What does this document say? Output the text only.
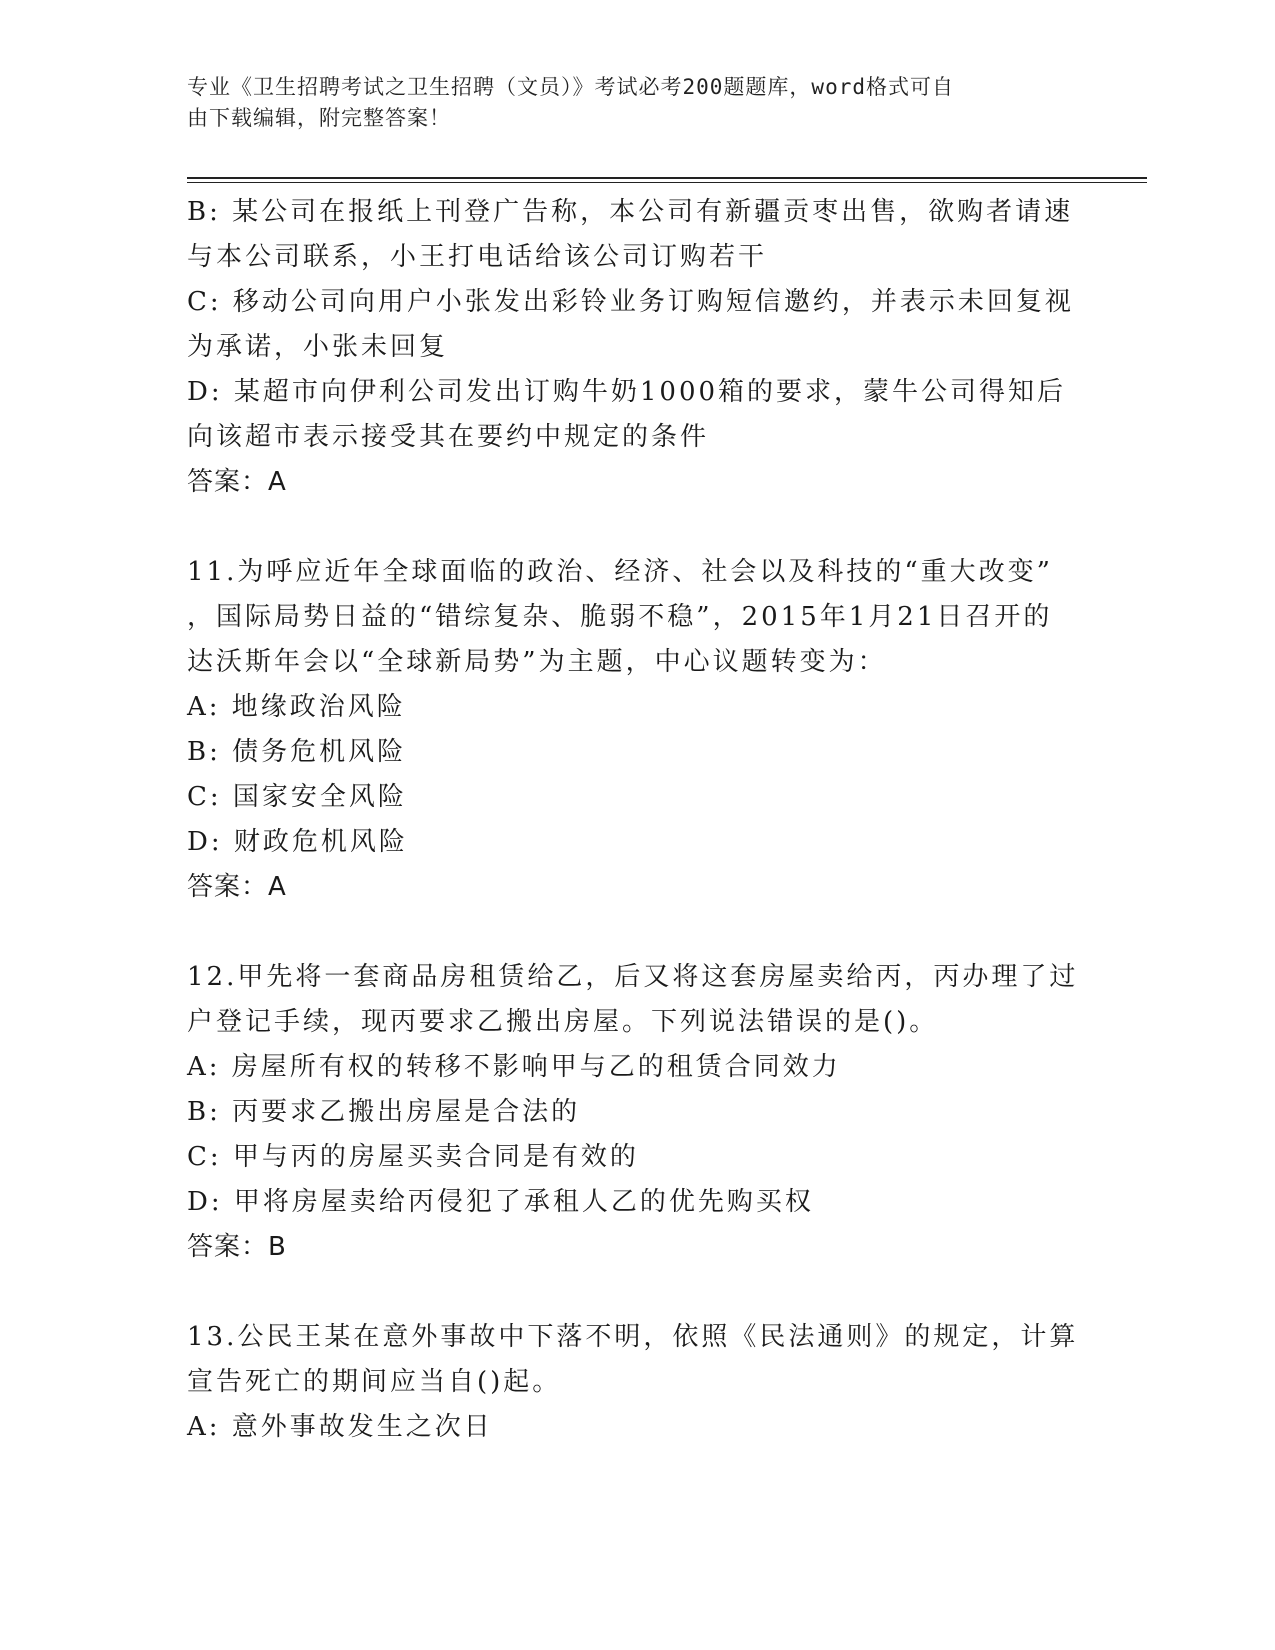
专业《卫生招聘考试之卫生招聘（文员）》考试必考200题题库，word格式可自
由下载编辑，附完整答案！
B: 某公司在报纸上刊登广告称，本公司有新疆贡枣出售，欲购者请速
与本公司联系，小王打电话给该公司订购若干
C: 移动公司向用户小张发出彩铃业务订购短信邀约，并表示未回复视
为承诺，小张未回复
D: 某超市向伊利公司发出订购牛奶1000箱的要求，蒙牛公司得知后
向该超市表示接受其在要约中规定的条件
答案：A
11.为呼应近年全球面临的政治、经济、社会以及科技的“重大改变”
，国际局势日益的“错综复杂、脆弱不稳”，2015年1月21日召开的
达沃斯年会以“全球新局势”为主题，中心议题转变为：
A: 地缘政治风险
B: 债务危机风险
C: 国家安全风险
D: 财政危机风险
答案：A
12.甲先将一套商品房租赁给乙，后又将这套房屋卖给丙，丙办理了过
户登记手续，现丙要求乙搬出房屋。下列说法错误的是()。
A: 房屋所有权的转移不影响甲与乙的租赁合同效力
B: 丙要求乙搬出房屋是合法的
C: 甲与丙的房屋买卖合同是有效的
D: 甲将房屋卖给丙侵犯了承租人乙的优先购买权
答案：B
13.公民王某在意外事故中下落不明，依照《民法通则》的规定，计算
宣告死亡的期间应当自()起。
A: 意外事故发生之次日
